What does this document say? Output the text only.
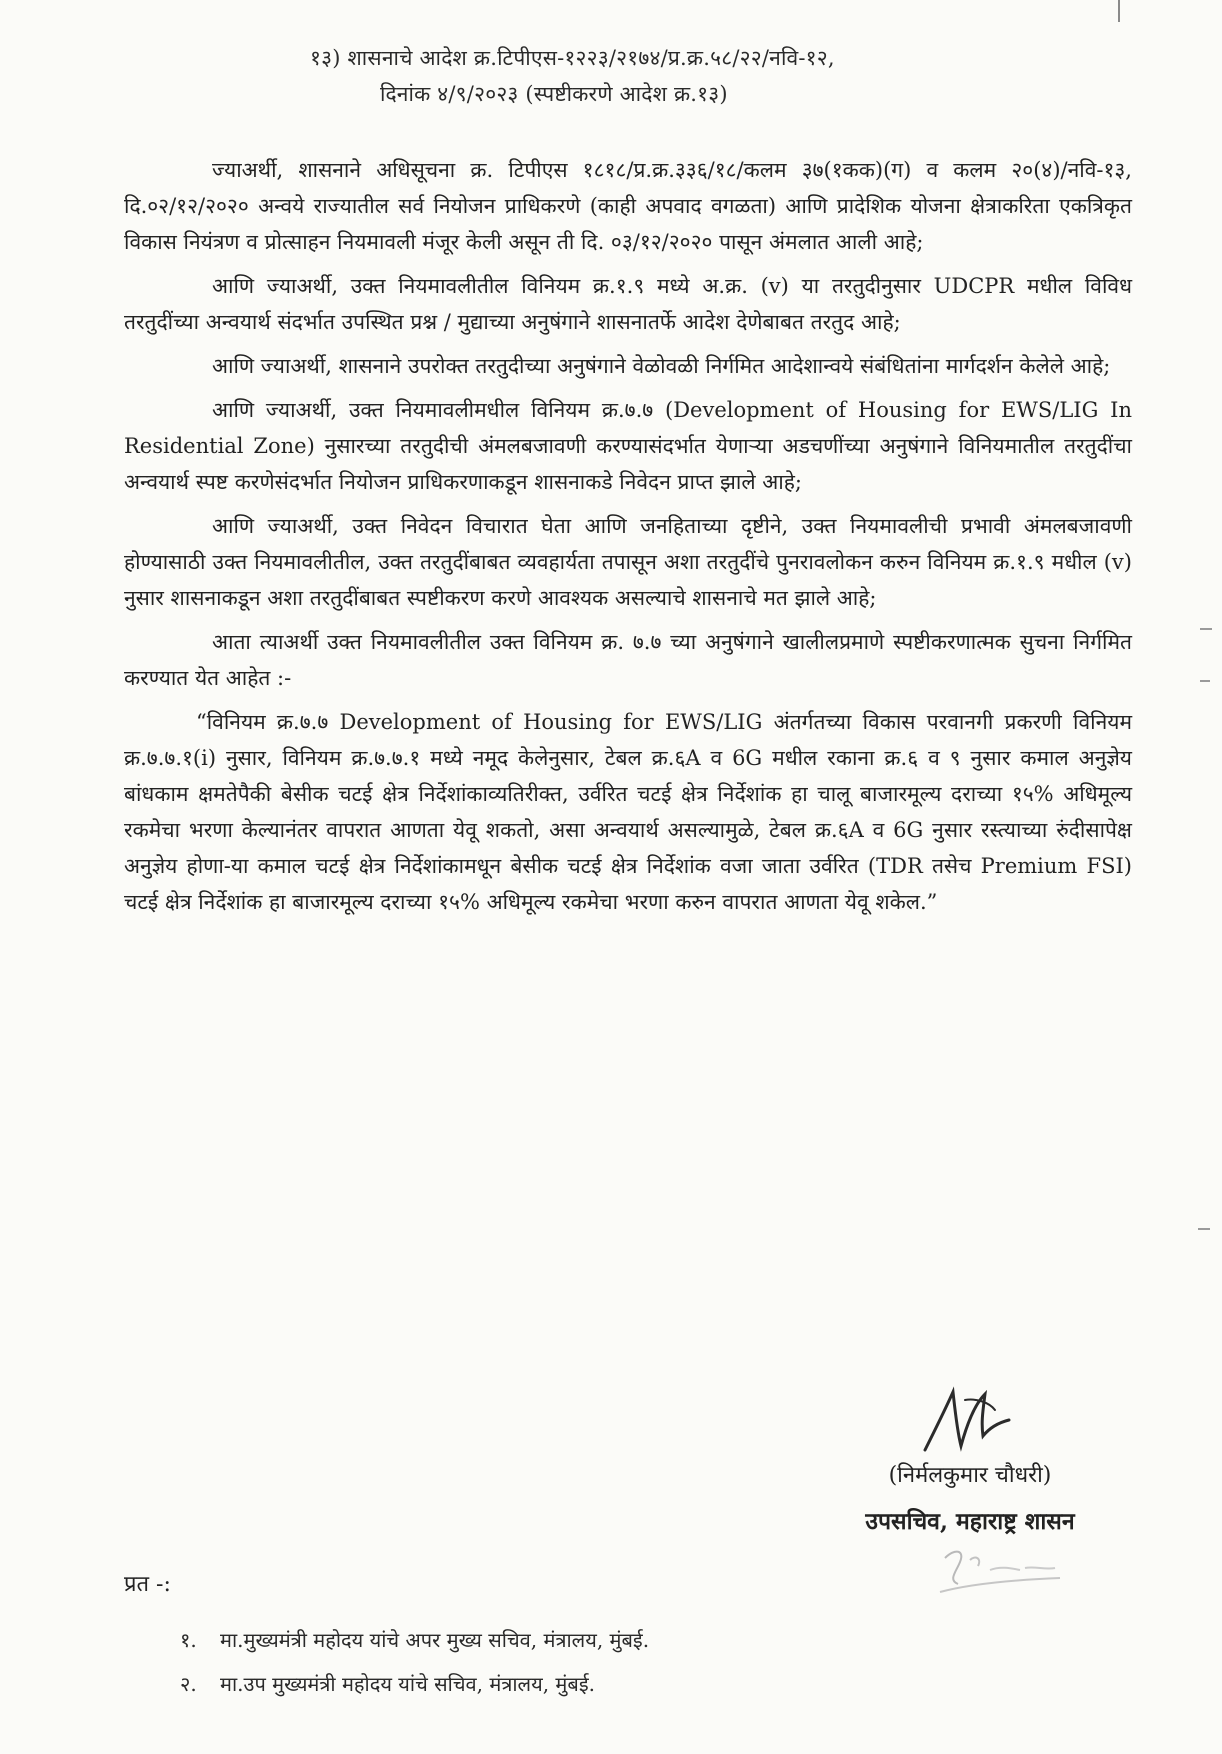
१३) शासनाचे आदेश क्र.टिपीएस-१२२३/२१७४/प्र.क्र.५८/२२/नवि-१२,
दिनांक ४/९/२०२३ (स्पष्टीकरणे आदेश क्र.१३)

ज्याअर्थी, शासनाने अधिसूचना क्र. टिपीएस १८१८/प्र.क्र.३३६/१८/कलम ३७(१कक)(ग) व कलम २०(४)/नवि-१३, दि.०२/१२/२०२० अन्वये राज्यातील सर्व नियोजन प्राधिकरणे (काही अपवाद वगळता) आणि प्रादेशिक योजना क्षेत्राकरिता एकत्रिकृत विकास नियंत्रण व प्रोत्साहन नियमावली मंजूर केली असून ती दि. ०३/१२/२०२० पासून अंमलात आली आहे;

आणि ज्याअर्थी, उक्त नियमावलीतील विनियम क्र.१.९ मध्ये अ.क्र. (v) या तरतुदीनुसार UDCPR मधील विविध तरतुदींच्या अन्वयार्थ संदर्भात उपस्थित प्रश्न / मुद्याच्या अनुषंगाने शासनातर्फे आदेश देणेबाबत तरतुद आहे;

आणि ज्याअर्थी, शासनाने उपरोक्त तरतुदीच्या अनुषंगाने वेळोवळी निर्गमित आदेशान्वये संबंधितांना मार्गदर्शन केलेले आहे;

आणि ज्याअर्थी, उक्त नियमावलीमधील विनियम क्र.७.७ (Development of Housing for EWS/LIG In Residential Zone) नुसारच्या तरतुदीची अंमलबजावणी करण्यासंदर्भात येणाऱ्या अडचणींच्या अनुषंगाने विनियमातील तरतुदींचा अन्वयार्थ स्पष्ट करणेसंदर्भात नियोजन प्राधिकरणाकडून शासनाकडे निवेदन प्राप्त झाले आहे;

आणि ज्याअर्थी, उक्त निवेदन विचारात घेता आणि जनहिताच्या दृष्टीने, उक्त नियमावलीची प्रभावी अंमलबजावणी होण्यासाठी उक्त नियमावलीतील, उक्त तरतुदींबाबत व्यवहार्यता तपासून अशा तरतुदींचे पुनरावलोकन करुन विनियम क्र.१.९ मधील (v) नुसार शासनाकडून अशा तरतुदींबाबत स्पष्टीकरण करणे आवश्यक असल्याचे शासनाचे मत झाले आहे;

आता त्याअर्थी उक्त नियमावलीतील उक्त विनियम क्र. ७.७ च्या अनुषंगाने खालीलप्रमाणे स्पष्टीकरणात्मक सुचना निर्गमित करण्यात येत आहेत :-

“विनियम क्र.७.७ Development of Housing for EWS/LIG अंतर्गतच्या विकास परवानगी प्रकरणी विनियम क्र.७.७.१(i) नुसार, विनियम क्र.७.७.१ मध्ये नमूद केलेनुसार, टेबल क्र.६A व 6G मधील रकाना क्र.६ व ९ नुसार कमाल अनुज्ञेय बांधकाम क्षमतेपैकी बेसीक चटई क्षेत्र निर्देशांकाव्यतिरीक्त, उर्वरित चटई क्षेत्र निर्देशांक हा चालू बाजारमूल्य दराच्या १५% अधिमूल्य रकमेचा भरणा केल्यानंतर वापरात आणता येवू शकतो, असा अन्वयार्थ असल्यामुळे, टेबल क्र.६A व 6G नुसार रस्त्याच्या रुंदीसापेक्ष अनुज्ञेय होणा-या कमाल चटई क्षेत्र निर्देशांकामधून बेसीक चटई क्षेत्र निर्देशांक वजा जाता उर्वरित (TDR तसेच Premium FSI) चटई क्षेत्र निर्देशांक हा बाजारमूल्य दराच्या १५% अधिमूल्य रकमेचा भरणा करुन वापरात आणता येवू शकेल.”

(निर्मलकुमार चौधरी)
उपसचिव, महाराष्ट्र शासन
प्रत -:
१. मा.मुख्यमंत्री महोदय यांचे अपर मुख्य सचिव, मंत्रालय, मुंबई.
२. मा.उप मुख्यमंत्री महोदय यांचे सचिव, मंत्रालय, मुंबई.
